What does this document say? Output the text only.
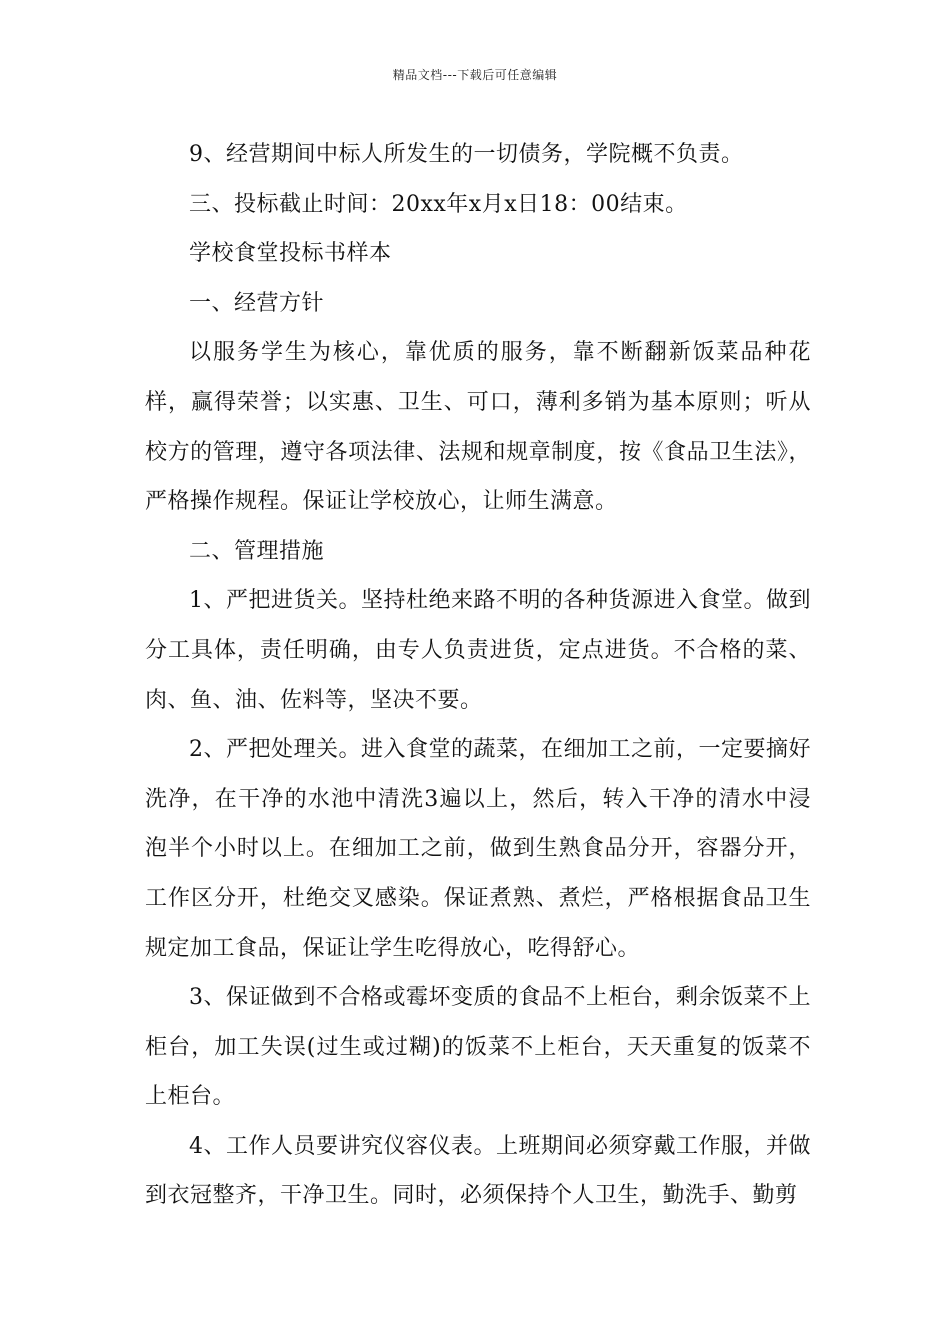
精品文档---下载后可任意编辑

9、经营期间中标人所发生的一切债务，学院概不负责。

三、投标截止时间：20xx年x月x日18：00结束。

学校食堂投标书样本

一、经营方针

以服务学生为核心，靠优质的服务，靠不断翻新饭菜品种花样，赢得荣誉；以实惠、卫生、可口，薄利多销为基本原则；听从校方的管理，遵守各项法律、法规和规章制度，按《食品卫生法》，严格操作规程。保证让学校放心，让师生满意。

二、管理措施

1、严把进货关。坚持杜绝来路不明的各种货源进入食堂。做到分工具体，责任明确，由专人负责进货，定点进货。不合格的菜、肉、鱼、油、佐料等，坚决不要。

2、严把处理关。进入食堂的蔬菜，在细加工之前，一定要摘好洗净，在干净的水池中清洗3遍以上，然后，转入干净的清水中浸泡半个小时以上。在细加工之前，做到生熟食品分开，容器分开，工作区分开，杜绝交叉感染。保证煮熟、煮烂，严格根据食品卫生规定加工食品，保证让学生吃得放心，吃得舒心。

3、保证做到不合格或霉坏变质的食品不上柜台，剩余饭菜不上柜台，加工失误(过生或过糊)的饭菜不上柜台，天天重复的饭菜不上柜台。

4、工作人员要讲究仪容仪表。上班期间必须穿戴工作服，并做到衣冠整齐，干净卫生。同时，必须保持个人卫生，勤洗手、勤剪
